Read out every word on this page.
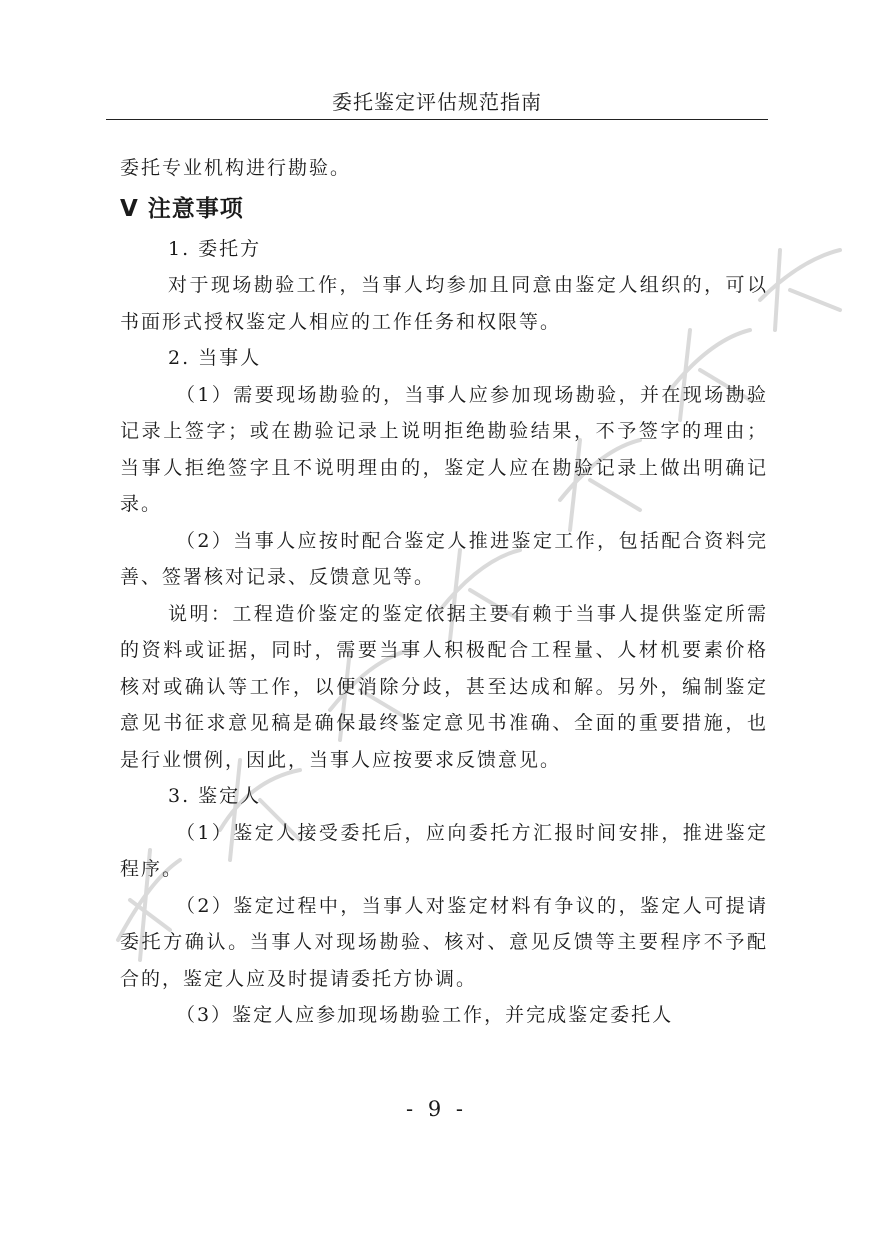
委托鉴定评估规范指南

委托专业机构进行勘验。

V 注意事项

1. 委托方

对于现场勘验工作，当事人均参加且同意由鉴定人组织的，可以书面形式授权鉴定人相应的工作任务和权限等。

2. 当事人

（1）需要现场勘验的，当事人应参加现场勘验，并在现场勘验记录上签字；或在勘验记录上说明拒绝勘验结果，不予签字的理由；当事人拒绝签字且不说明理由的，鉴定人应在勘验记录上做出明确记录。

（2）当事人应按时配合鉴定人推进鉴定工作，包括配合资料完善、签署核对记录、反馈意见等。

说明：工程造价鉴定的鉴定依据主要有赖于当事人提供鉴定所需的资料或证据，同时，需要当事人积极配合工程量、人材机要素价格核对或确认等工作，以便消除分歧，甚至达成和解。另外，编制鉴定意见书征求意见稿是确保最终鉴定意见书准确、全面的重要措施，也是行业惯例，因此，当事人应按要求反馈意见。

3. 鉴定人

（1）鉴定人接受委托后，应向委托方汇报时间安排，推进鉴定程序。

（2）鉴定过程中，当事人对鉴定材料有争议的，鉴定人可提请委托方确认。当事人对现场勘验、核对、意见反馈等主要程序不予配合的，鉴定人应及时提请委托方协调。

（3）鉴定人应参加现场勘验工作，并完成鉴定委托人

- 9 -
